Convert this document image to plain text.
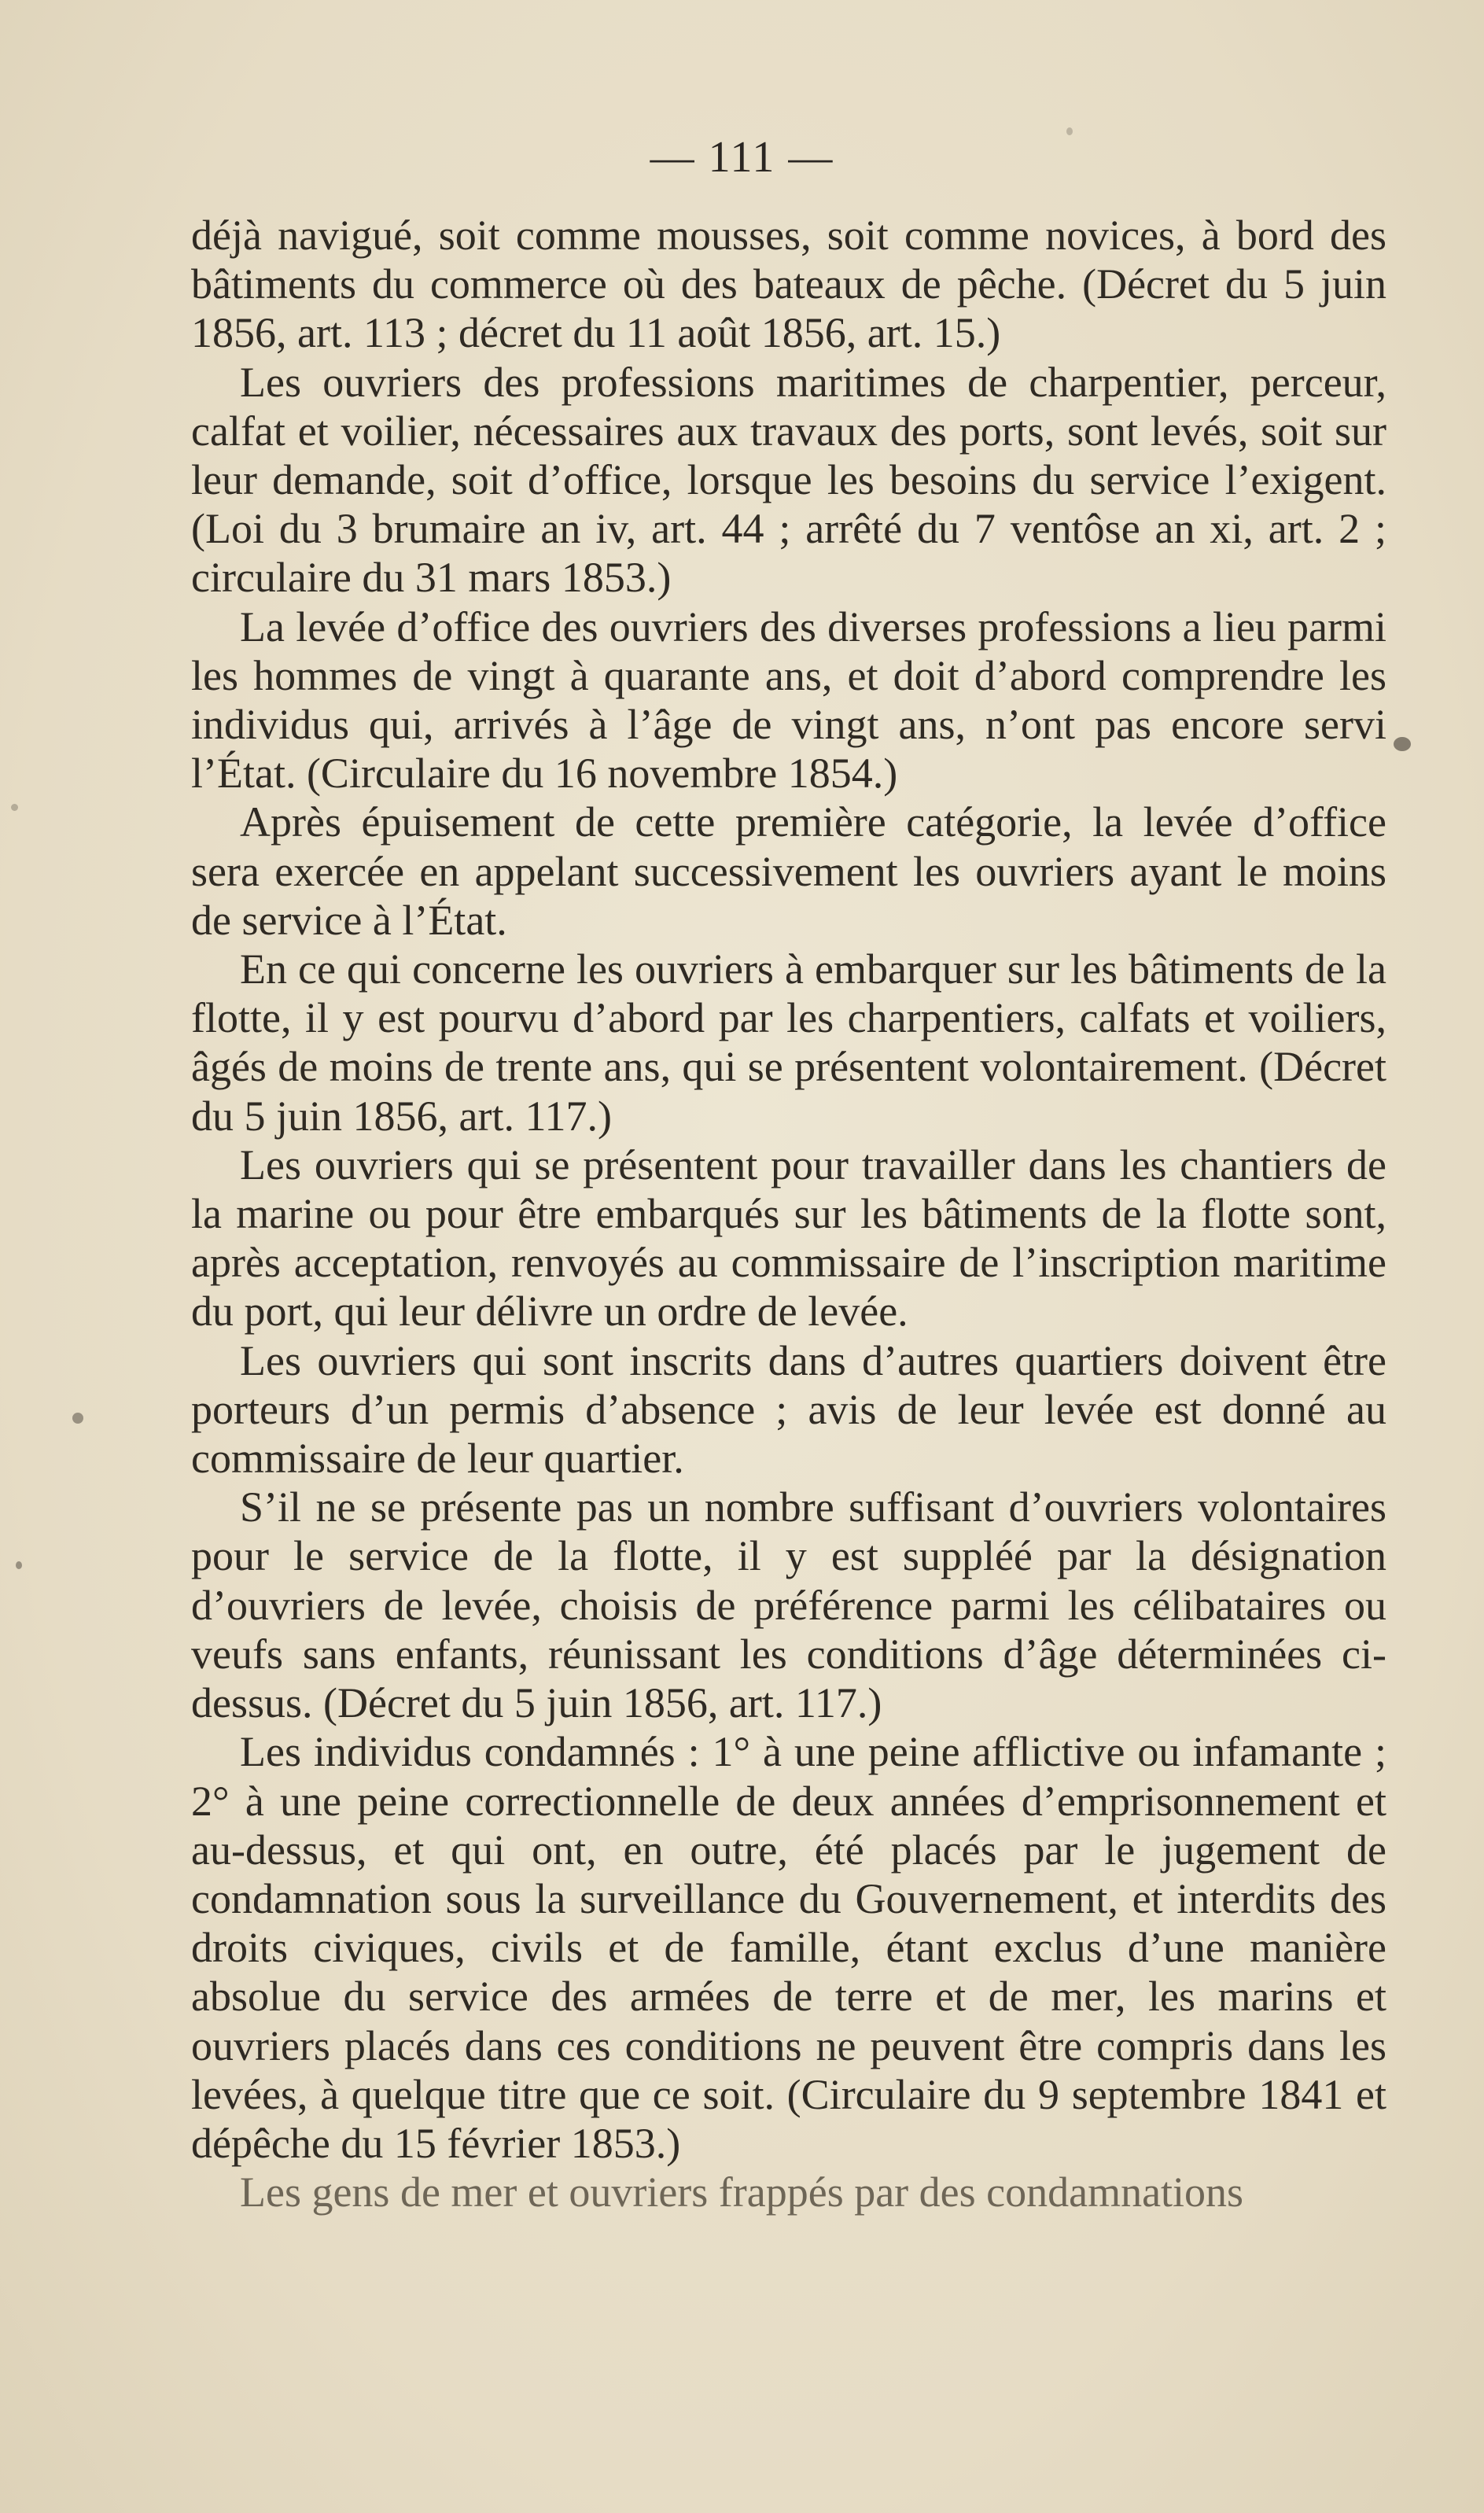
— 111 —

déjà navigué, soit comme mousses, soit comme novices, à bord des bâtiments du commerce où des bateaux de pêche. (Décret du 5 juin 1856, art. 113 ; décret du 11 août 1856, art. 15.)

Les ouvriers des professions maritimes de charpentier, perceur, calfat et voilier, nécessaires aux travaux des ports, sont levés, soit sur leur demande, soit d’office, lorsque les besoins du service l’exigent. (Loi du 3 brumaire an iv, art. 44 ; arrêté du 7 ventôse an xi, art. 2 ; circulaire du 31 mars 1853.)

La levée d’office des ouvriers des diverses professions a lieu parmi les hommes de vingt à quarante ans, et doit d’abord comprendre les individus qui, arrivés à l’âge de vingt ans, n’ont pas encore servi l’État. (Circulaire du 16 novembre 1854.)

Après épuisement de cette première catégorie, la levée d’office sera exercée en appelant successivement les ouvriers ayant le moins de service à l’État.

En ce qui concerne les ouvriers à embarquer sur les bâtiments de la flotte, il y est pourvu d’abord par les charpentiers, calfats et voiliers, âgés de moins de trente ans, qui se présentent volontairement. (Décret du 5 juin 1856, art. 117.)

Les ouvriers qui se présentent pour travailler dans les chantiers de la marine ou pour être embarqués sur les bâtiments de la flotte sont, après acceptation, renvoyés au commissaire de l’inscription maritime du port, qui leur délivre un ordre de levée.

Les ouvriers qui sont inscrits dans d’autres quartiers doivent être porteurs d’un permis d’absence ; avis de leur levée est donné au commissaire de leur quartier.

S’il ne se présente pas un nombre suffisant d’ouvriers volontaires pour le service de la flotte, il y est suppléé par la désignation d’ouvriers de levée, choisis de préférence parmi les célibataires ou veufs sans enfants, réunissant les conditions d’âge déterminées ci-dessus. (Décret du 5 juin 1856, art. 117.)

Les individus condamnés : 1° à une peine afflictive ou infamante ; 2° à une peine correctionnelle de deux années d’emprisonnement et au-dessus, et qui ont, en outre, été placés par le jugement de condamnation sous la surveillance du Gouvernement, et interdits des droits civiques, civils et de famille, étant exclus d’une manière absolue du service des armées de terre et de mer, les marins et ouvriers placés dans ces conditions ne peuvent être compris dans les levées, à quelque titre que ce soit. (Circulaire du 9 septembre 1841 et dépêche du 15 février 1853.)

Les gens de mer et ouvriers frappés par des condamnations
